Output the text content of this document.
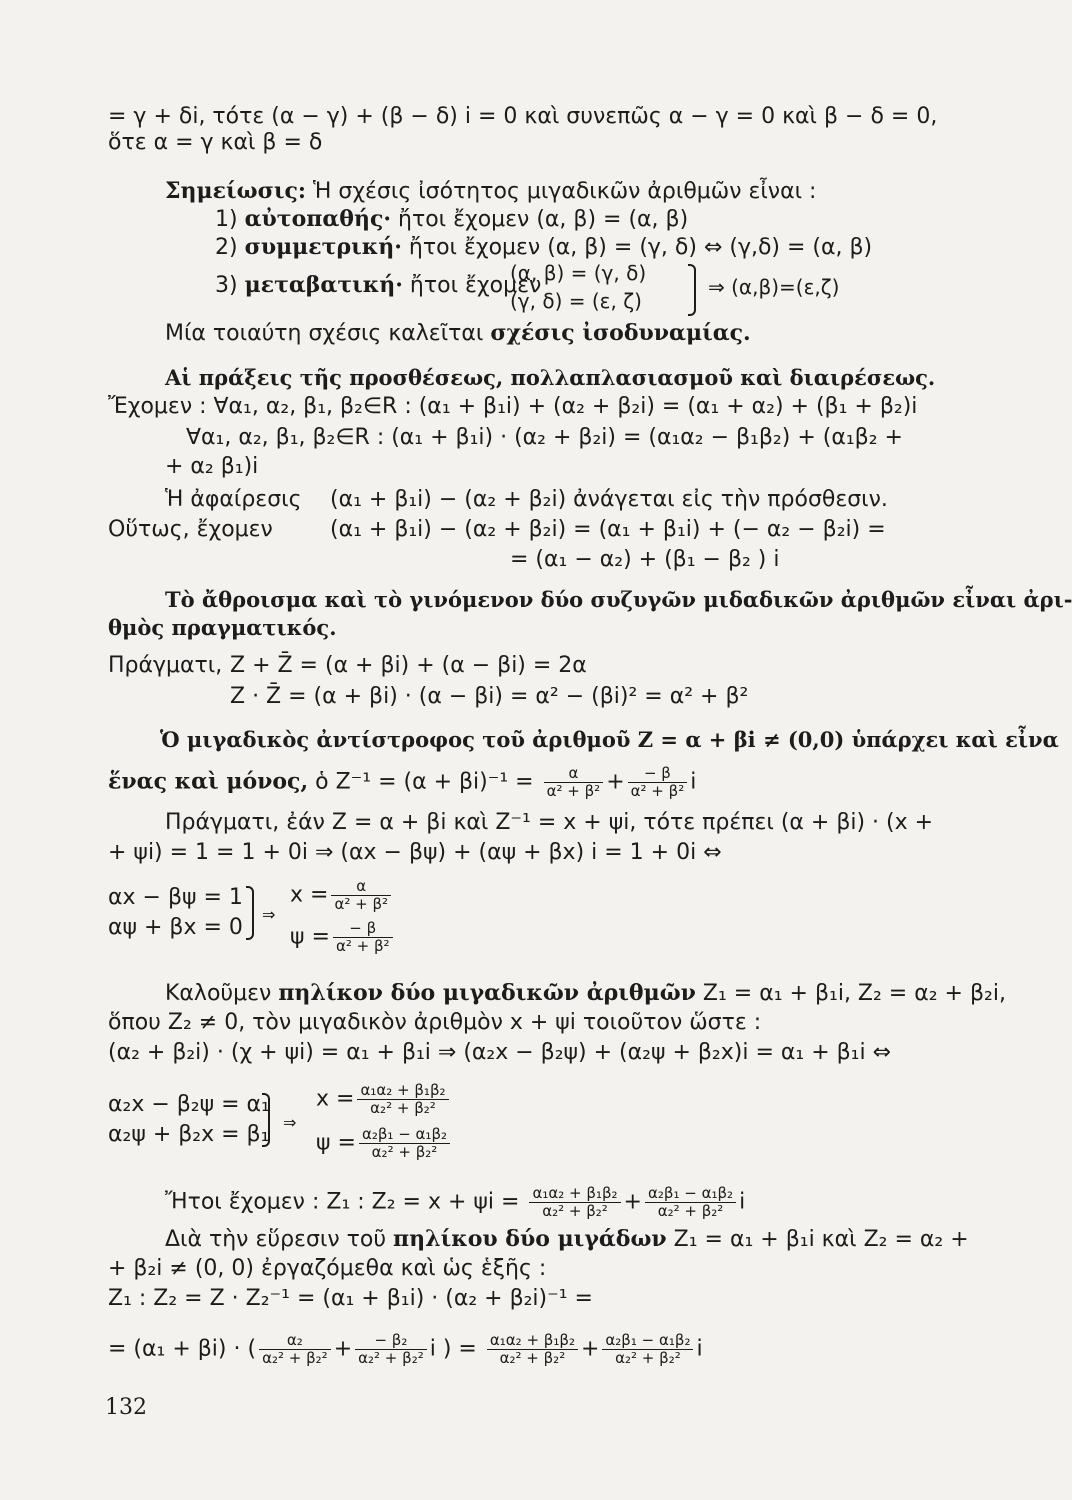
= γ + δi, τότε (α − γ) + (β − δ) i = 0 καὶ συνεπῶς α − γ = 0 καὶ β − δ = 0,
ὅτε α = γ καὶ β = δ
Σημείωσις: Ἡ σχέσις ἰσότητος μιγαδικῶν ἀριθμῶν εἶναι :
1) αὐτοπαθής· ἤτοι ἔχομεν (α, β) = (α, β)
2) συμμετρική· ἤτοι ἔχομεν (α, β) = (γ, δ) ⇔ (γ,δ) = (α, β)
3) μεταβατική· ἤτοι ἔχομεν
(α, β) = (γ, δ)
(γ, δ) = (ε, ζ)
⇒ (α,β)=(ε,ζ)
Μία τοιαύτη σχέσις καλεῖται σχέσις ἰσοδυναμίας.
Αἱ πράξεις τῆς προσθέσεως, πολλαπλασιασμοῦ καὶ διαιρέσεως.
Ἔχομεν : ∀α₁, α₂, β₁, β₂∈R : (α₁ + β₁i) + (α₂ + β₂i) = (α₁ + α₂) + (β₁ + β₂)i
∀α₁, α₂, β₁, β₂∈R : (α₁ + β₁i) · (α₂ + β₂i) = (α₁α₂ − β₁β₂) + (α₁β₂ +
+ α₂ β₁)i
Ἡ ἀφαίρεσις (α₁ + β₁i) − (α₂ + β₂i) ἀνάγεται εἰς τὴν πρόσθεσιν.
Οὕτως, ἔχομεν	(α₁ + β₁i) − (α₂ + β₂i) = (α₁ + β₁i) + (− α₂ − β₂i) =
= (α₁ − α₂) + (β₁ − β₂ ) i
Τὸ ἄθροισμα καὶ τὸ γινόμενον δύο συζυγῶν μιδαδικῶν ἀριθμῶν εἶναι ἀρι-
θμὸς πραγματικός.
Πράγματι, Z + Z̄ = (α + βi) + (α − βi) = 2α
Z · Z̄ = (α + βi) · (α − βi) = α² − (βi)² = α² + β²
Ὁ μιγαδικὸς ἀντίστροφος τοῦ ἀριθμοῦ Z = α + βi ≠ (0,0) ὑπάρχει καὶ εἶνα
ἕνας καὶ μόνος, ὁ $Z^{-1} = (\alpha + \beta i)^{-1} = \frac{\alpha}{\text{α² + β²}} + \frac{- \beta}{\text{α² + β²}}$ i
Πράγματι, ἐάν Z = α + βi καὶ Z⁻¹ = x + ψi, τότε πρέπει (α + βi) · (x +
+ ψi) = 1 = 1 + 0i ⇒ (αx − βψ) + (αψ + βx) i = 1 + 0i ⇔
αx − βψ = 1
αψ + βx = 0
⇒
$x = \frac{\alpha}{\text{α² + β²}}$
$\psi = \frac{- \beta}{\text{α² + β²}}$
Καλοῦμεν πηλίκον δύο μιγαδικῶν ἀριθμῶν Z₁ = α₁ + β₁i, Z₂ = α₂ + β₂i,
ὅπου Z₂ ≠ 0, τὸν μιγαδικὸν ἀριθμὸν x + ψi τοιοῦτον ὥστε :
(α₂ + β₂i) · (χ + ψi) = α₁ + β₁i ⇒ (α₂x − β₂ψ) + (α₂ψ + β₂x)i = α₁ + β₁i ⇔
α₂x − β₂ψ = α₁
α₂ψ + β₂x = β₁ ⇒
$x = \frac{\text{α₁α₂ + β₁β₂}}{\text{α₂² + β₂²}}$
$\psi = \frac{\text{α₂β₁ − α₁β₂}}{\text{α₂² + β₂²}}$
Ἤτοι ἔχομεν : Z₁ : $Z_2 = x + \psi i = \frac{\text{α₁α₂ + β₁β₂}}{\text{α₂² + β₂²}} + \frac{\text{α₂β₁ − α₁β₂}}{\text{α₂² + β₂²}}$ i
Διὰ τὴν εὕρεσιν τοῦ πηλίκου δύο μιγάδων Z₁ = α₁ + β₁i καὶ Z₂ = α₂ +
+ β₂i ≠ (0, 0) ἐργαζόμεθα καὶ ὡς ἑξῆς :
Z₁ : Z₂ = Z · Z₂⁻¹ = (α₁ + β₁i) · (α₂ + β₂i)⁻¹ =
= (α₁ + βi) · ( $\frac{\text{α₂}}{\text{α₂² + β₂²}} + \frac{\text{− β₂}}{\text{α₂² + β₂²}}$ i ) = $\frac{\text{α₁α₂ + β₁β₂}}{\text{α₂² + β₂²}} + \frac{\text{α₂β₁ − α₁β₂}}{\text{α₂² + β₂²}}$ i
132
